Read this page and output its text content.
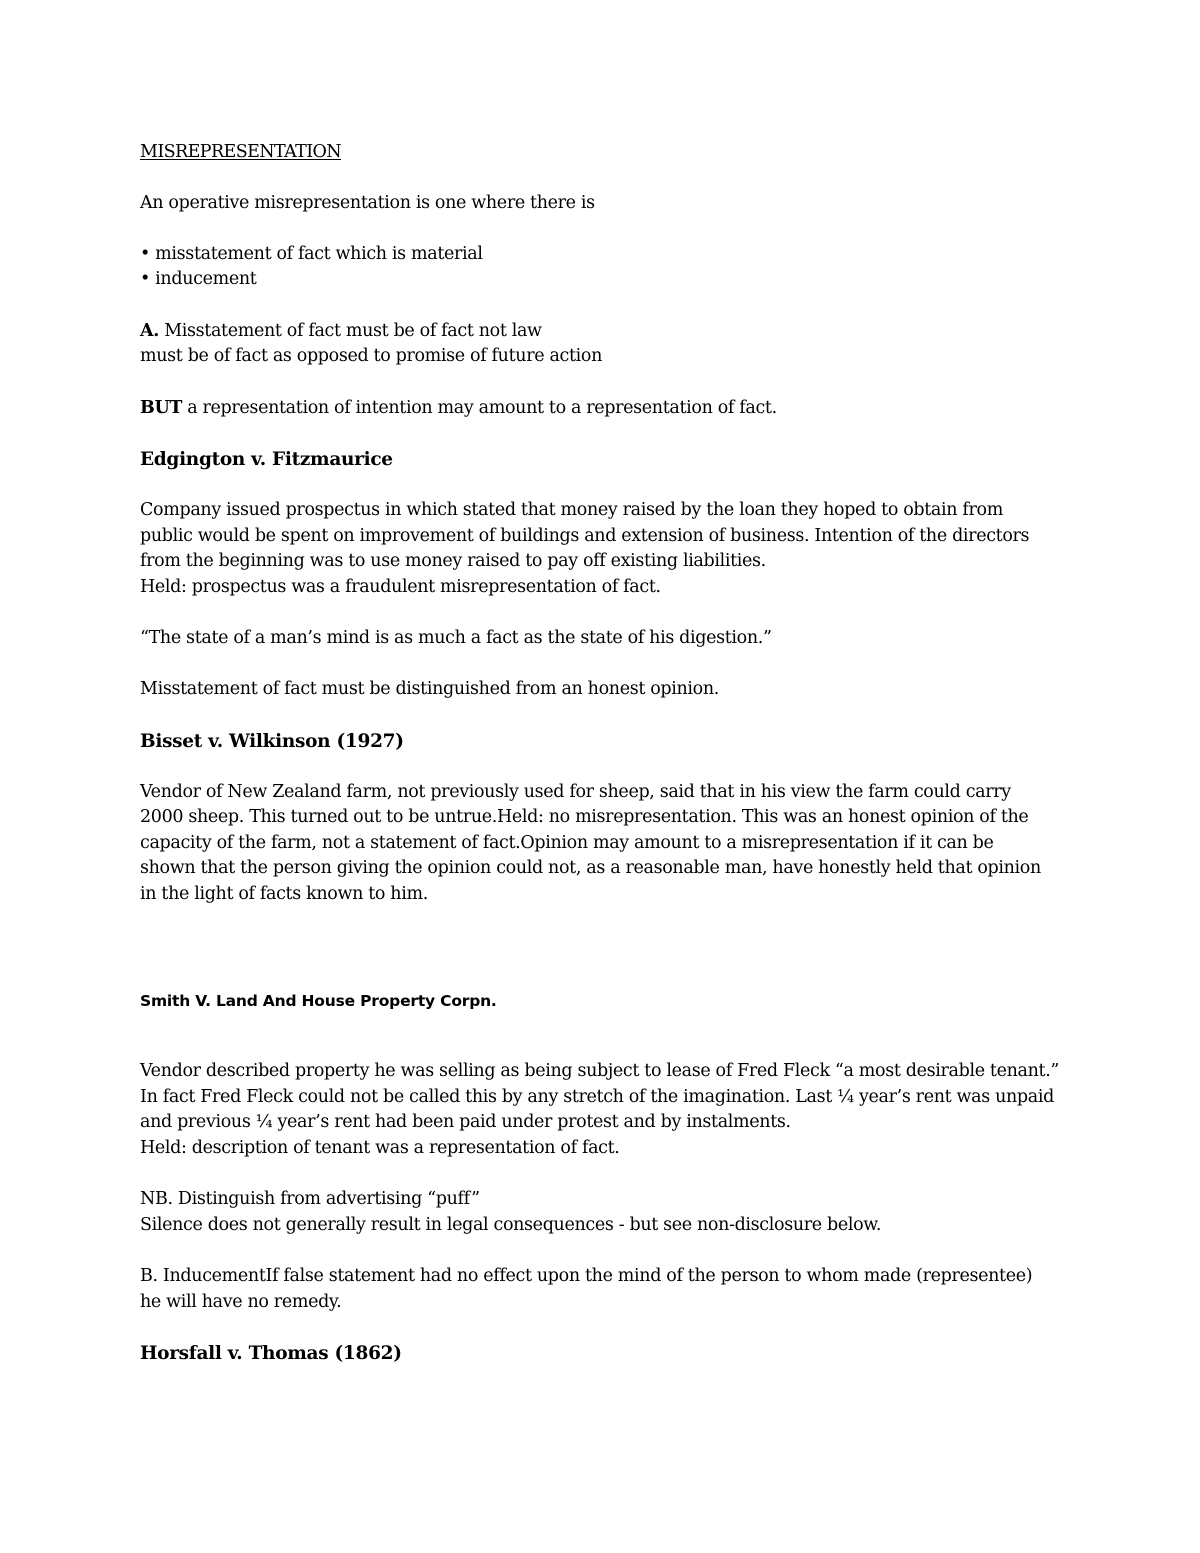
MISREPRESENTATION
An operative misrepresentation is one where there is
• misstatement of fact which is material
• inducement
A. Misstatement of fact must be of fact not law
must be of fact as opposed to promise of future action
BUT a representation of intention may amount to a representation of fact.
Edgington v. Fitzmaurice
Company issued prospectus in which stated that money raised by the loan they hoped to obtain from
public would be spent on improvement of buildings and extension of business. Intention of the directors
from the beginning was to use money raised to pay off existing liabilities.
Held: prospectus was a fraudulent misrepresentation of fact.
“The state of a man’s mind is as much a fact as the state of his digestion.”
Misstatement of fact must be distinguished from an honest opinion.
Bisset v. Wilkinson (1927)
Vendor of New Zealand farm, not previously used for sheep, said that in his view the farm could carry
2000 sheep. This turned out to be untrue.Held: no misrepresentation. This was an honest opinion of the
capacity of the farm, not a statement of fact.Opinion may amount to a misrepresentation if it can be
shown that the person giving the opinion could not, as a reasonable man, have honestly held that opinion
in the light of facts known to him.
Smith V. Land And House Property Corpn.
Vendor described property he was selling as being subject to lease of Fred Fleck “a most desirable tenant.”
In fact Fred Fleck could not be called this by any stretch of the imagination. Last ¼ year’s rent was unpaid
and previous ¼ year’s rent had been paid under protest and by instalments.
Held: description of tenant was a representation of fact.
NB. Distinguish from advertising “puff”
Silence does not generally result in legal consequences - but see non-disclosure below.
B. InducementIf false statement had no effect upon the mind of the person to whom made (representee)
he will have no remedy.
Horsfall v. Thomas (1862)
